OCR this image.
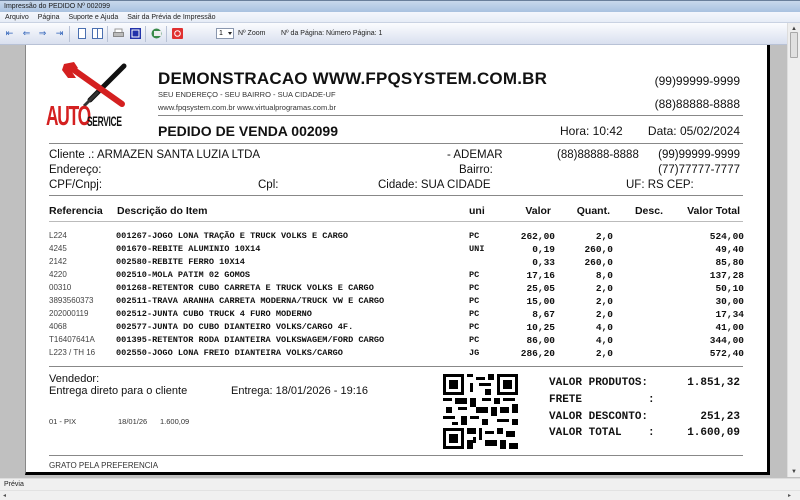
Impressão do PEDIDO Nº 002099
Arquivo Página Suporte e Ajuda Sair da Prévia de Impressão
⇤ ⇐ ⇒ ⇥	1	Nº Zoom Nº da Página: Número Página: 1
AUTO
SERVICE
DEMONSTRACAO WWW.FPQSYSTEM.COM.BR
SEU ENDEREÇO - SEU BAIRRO - SUA CIDADE-UF
www.fpqsystem.com.br www.virtualprogramas.com.br
(99)99999-9999
(88)88888-8888
PEDIDO DE VENDA 002099	Hora: 10:42 Data: 05/02/2024
Cliente .: ARMAZEN SANTA LUZIA LTDA	- ADEMAR	(88)88888-8888 (99)99999-9999
Endereço:	Bairro:	(77)77777-7777
CPF/Cnpj:	Cpl:	Cidade: SUA CIDADE	UF: RS CEP:
Referencia Descrição do Item	uni	Valor Quant. Desc. Valor Total
L224	001267-JOGO LONA TRAÇÃO E TRUCK VOLKS E CARGO	PC	262,00	2,0	524,00
4245	001670-REBITE ALUMINIO 10X14	UNI	0,19	260,0	49,40
2142	002580-REBITE FERRO 10X14	0,33	260,0	85,80
4220	002510-MOLA PATIM 02 GOMOS	PC	17,16	8,0	137,28
00310	001268-RETENTOR CUBO CARRETA E TRUCK VOLKS E CARGO	PC	25,05	2,0	50,10
3893560373	002511-TRAVA ARANHA CARRETA MODERNA/TRUCK VW E CARGO	PC	15,00	2,0	30,00
202000119	002512-JUNTA CUBO TRUCK 4 FURO MODERNO	PC	8,67	2,0	17,34
4068	002577-JUNTA DO CUBO DIANTEIRO VOLKS/CARGO 4F.	PC	10,25	4,0	41,00
T16407641A 001395-RETENTOR RODA DIANTEIRA VOLKSWAGEM/FORD CARGO	PC	86,00	4,0	344,00
L223 / TH 16 002550-JOGO LONA FREIO DIANTEIRA VOLKS/CARGO	JG	286,20	2,0	572,40
Vendedor:
Entrega direto para o cliente	Entrega: 18/01/2026 - 19:16
01 - PIX	18/01/26 1.600,09
VALOR PRODUTOS:	1.851,32
FRETE          :
VALOR DESCONTO:	251,23
VALOR TOTAL    :	1.600,09
GRATO PELA PREFERENCIA
▲
▼
Prévia
◂	▸
